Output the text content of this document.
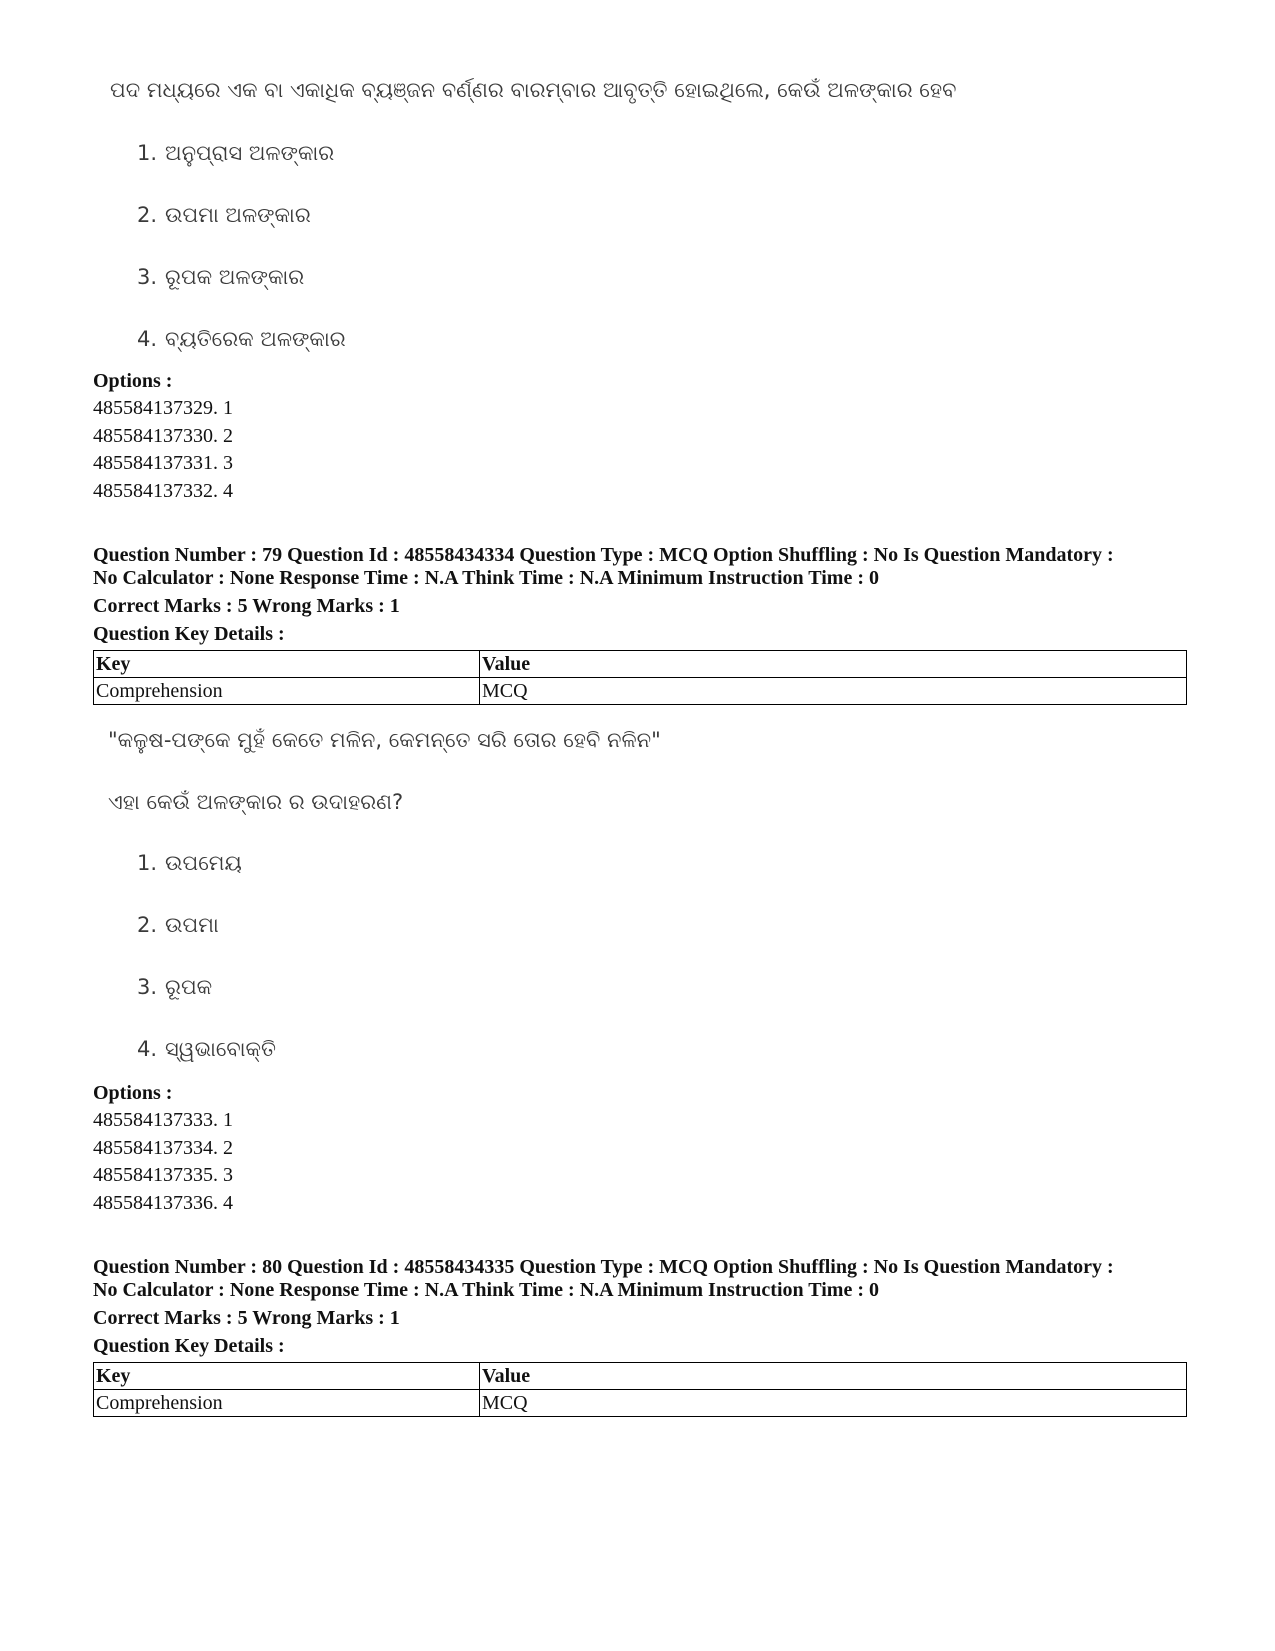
ପଦ ମଧ୍ୟରେ ଏକ ବା ଏକାଧିକ ବ୍ୟଞ୍ଜନ ବର୍ଣ୍ଣର ବାରମ୍ବାର ଆବୃତ୍ତି ହୋଇଥିଲେ, କେଉଁ ଅଳଙ୍କାର ହେବ
1. ଅନୁପ୍ରାସ ଅଳଙ୍କାର
2. ଉପମା ଅଳଙ୍କାର
3. ରୂପକ ଅଳଙ୍କାର
4. ବ୍ୟତିରେକ ଅଳଙ୍କାର
Options :
485584137329. 1
485584137330. 2
485584137331. 3
485584137332. 4
Question Number : 79 Question Id : 48558434334 Question Type : MCQ Option Shuffling : No Is Question Mandatory :
No Calculator : None Response Time : N.A Think Time : N.A Minimum Instruction Time : 0
Correct Marks : 5 Wrong Marks : 1
Question Key Details :
Key	Value
Comprehension	MCQ
"କଳୁଷ-ପଙ୍କେ ମୁହଁ କେତେ ମଳିନ, କେମନ୍ତେ ସରି ତୋର ହେବି ନଳିନ"
ଏହା କେଉଁ ଅଳଙ୍କାର ର ଉଦାହରଣ?
1. ଉପମେୟ
2. ଉପମା
3. ରୂପକ
4. ସ୍ୱଭାବୋକ୍ତି
Options :
485584137333. 1
485584137334. 2
485584137335. 3
485584137336. 4
Question Number : 80 Question Id : 48558434335 Question Type : MCQ Option Shuffling : No Is Question Mandatory :
No Calculator : None Response Time : N.A Think Time : N.A Minimum Instruction Time : 0
Correct Marks : 5 Wrong Marks : 1
Question Key Details :
Key	Value
Comprehension	MCQ
